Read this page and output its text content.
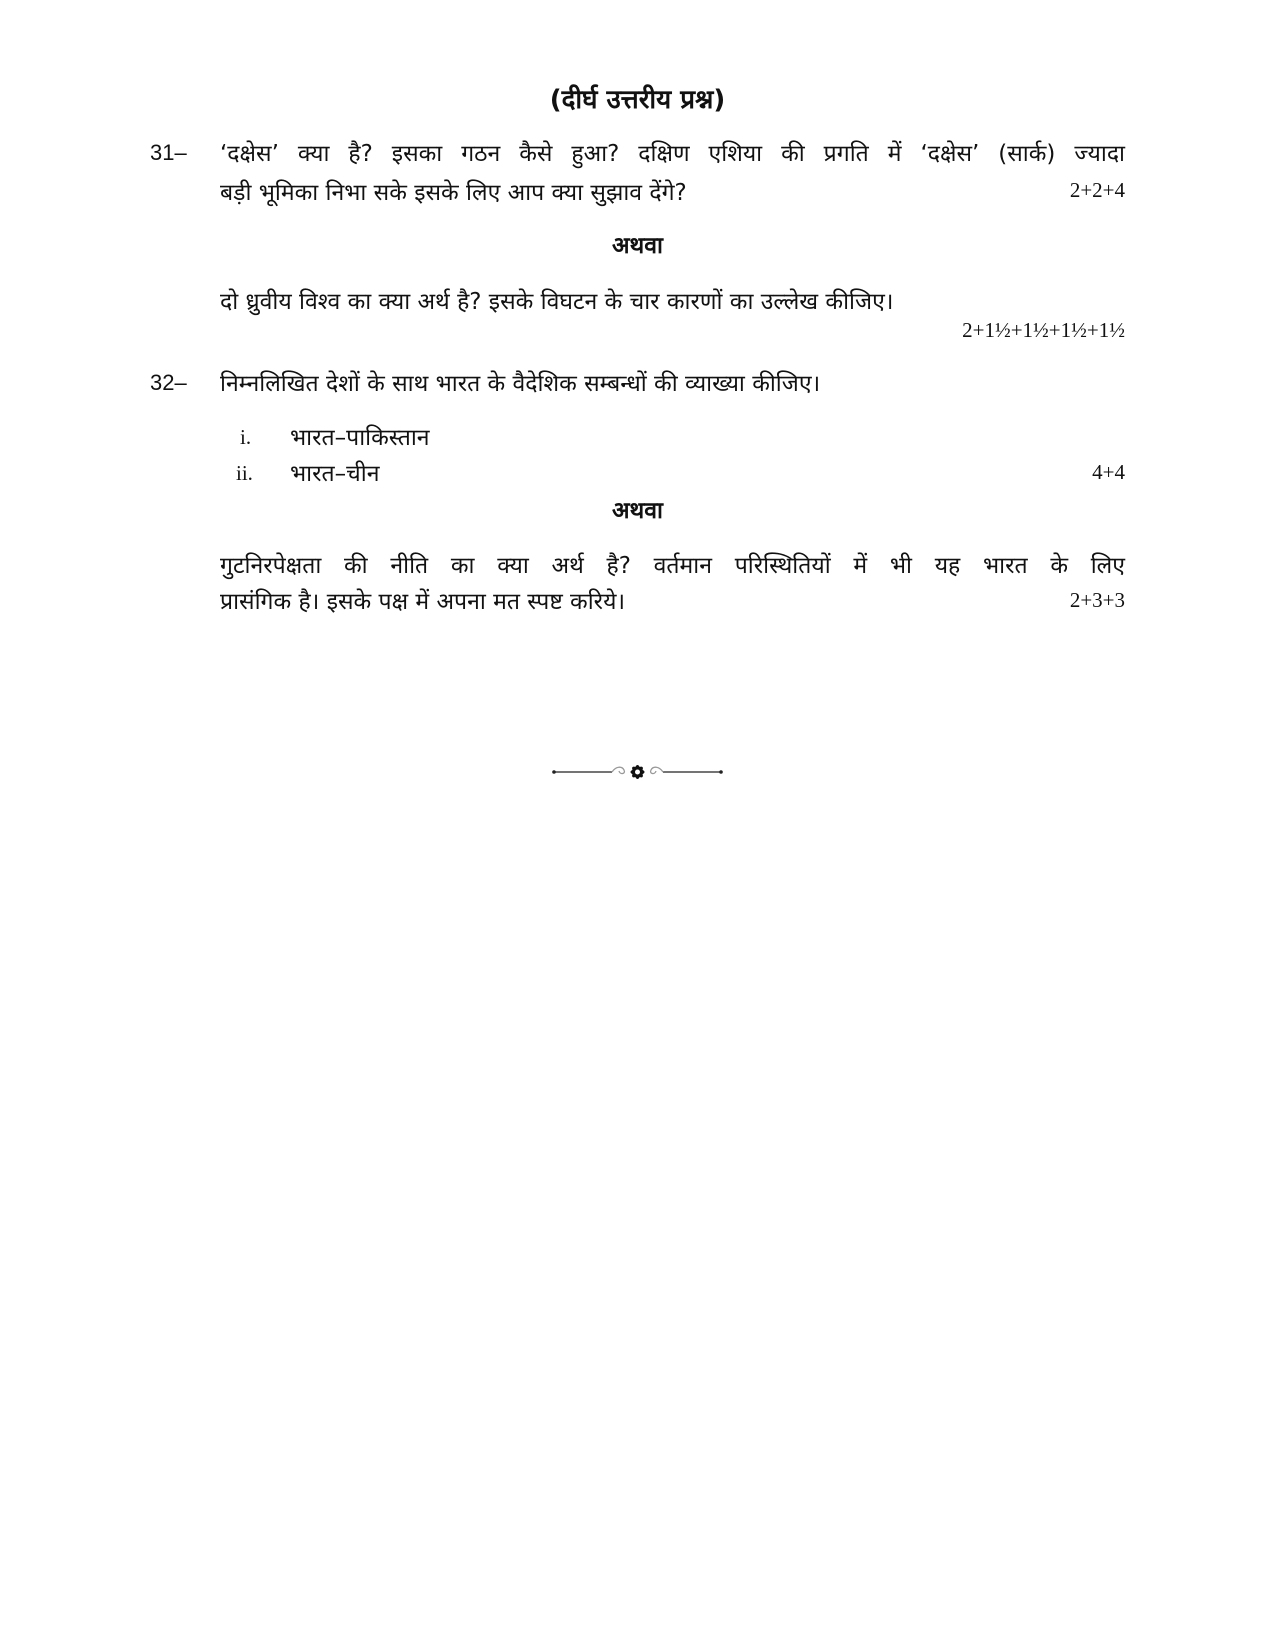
(दीर्घ उत्तरीय प्रश्न)
31– ‘दक्षेस’ क्या है? इसका गठन कैसे हुआ? दक्षिण एशिया की प्रगति में ‘दक्षेस’ (सार्क) ज्यादा
बड़ी भूमिका निभा सके इसके लिए आप क्या सुझाव देंगे?	2+2+4
अथवा
दो ध्रुवीय विश्व का क्या अर्थ है? इसके विघटन के चार कारणों का उल्लेख कीजिए।
2+1½+1½+1½+1½
32– निम्नलिखित देशों के साथ भारत के वैदेशिक सम्बन्धों की व्याख्या कीजिए।
i. भारत–पाकिस्तान
ii. भारत–चीन	4+4
अथवा
गुटनिरपेक्षता की नीति का क्या अर्थ है? वर्तमान परिस्थितियों में भी यह भारत के लिए
प्रासंगिक है। इसके पक्ष में अपना मत स्पष्ट करिये।	2+3+3
